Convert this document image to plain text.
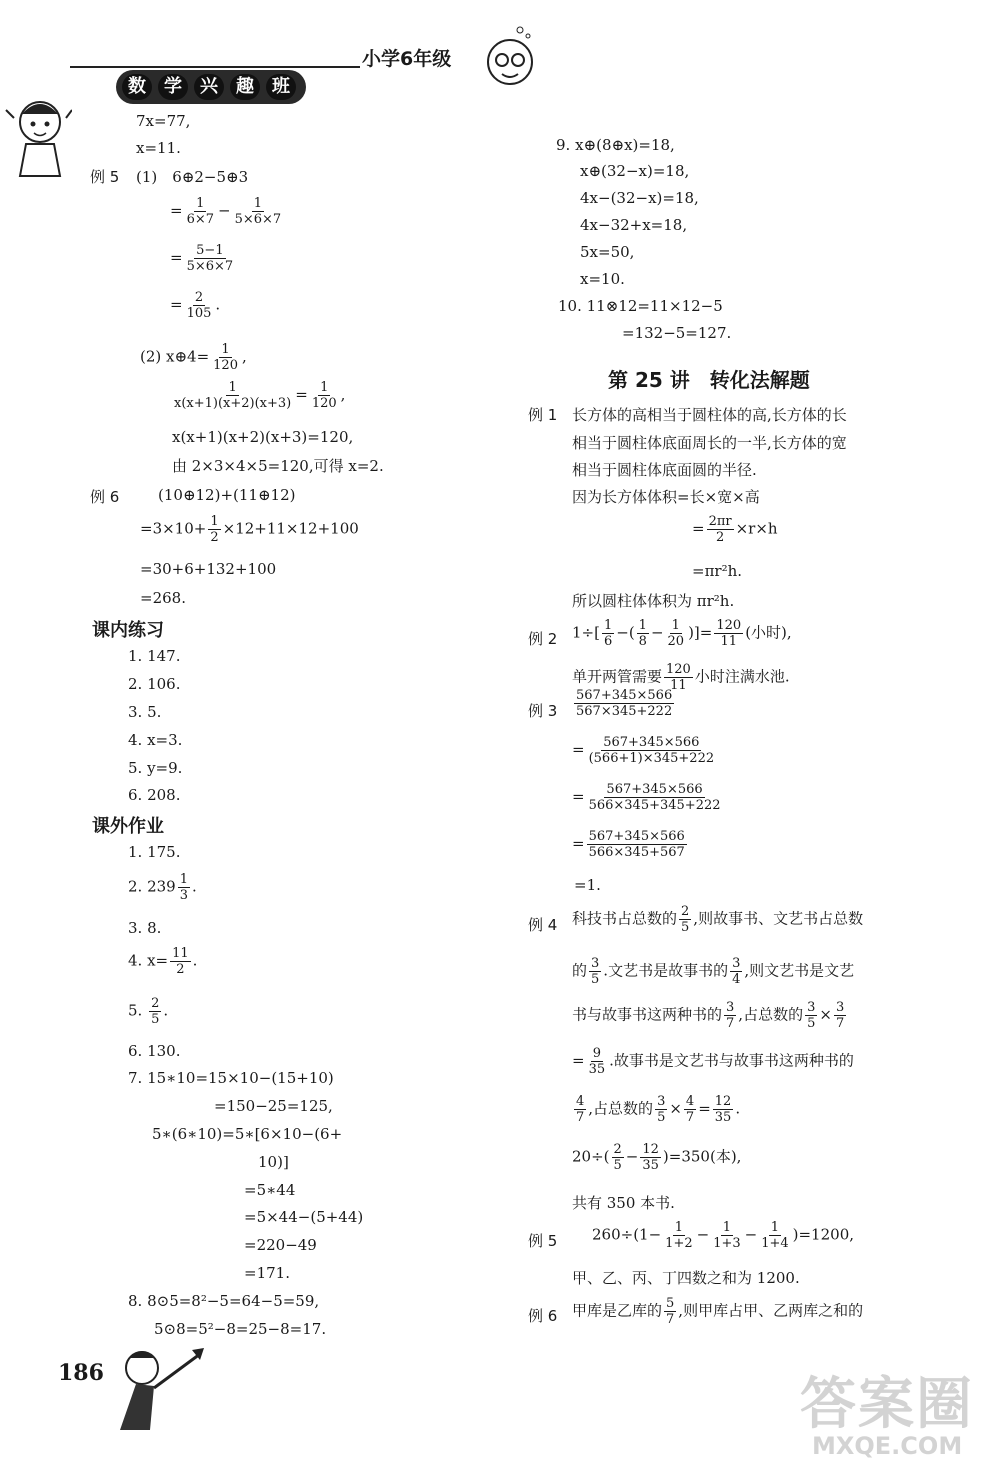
小学6年级
数	学	兴	趣	班
7x=77,
x=11.
例 5 (1)　6⊕2−5⊕3
= $\frac{1}{6\times 7} - \frac{1}{5\times 6\times 7}$
= $\frac{5-1}{5\times 6\times 7}$
= $\frac{2}{105}$ .
(2) x⊕4= $\frac{1}{120}$ ,
$\frac{1}{x(x+1)(x+2)(x+3)} = \frac{1}{120}$ ,
x(x+1)(x+2)(x+3)=120,
由 2×3×4×5=120,可得 x=2.
例 6	(10⊕12)+(11⊕12)
$=3\times 10+ \frac{1}{2} \times 12+11\times 12+100$
=30+6+132+100
=268.
课内练习
1. 147.
2. 106.
3. 5.
4. x=3.
5. y=9.
6. 208.
课外作业
1. 175.
2. $239 \frac{1}{3}$ .
3. 8.
4. $x= \frac{11}{2}$ .
5. $\frac{2}{5}$ .
6. 130.
7. 15∗10=15×10−(15+10)
=150−25=125,
5∗(6∗10)=5∗[6×10−(6+
10)]
=5∗44
=5×44−(5+44)
=220−49
=171.
8. 8⊙5=8²−5=64−5=59,
5⊙8=5²−8=25−8=17.
186
9. x⊕(8⊕x)=18,
x⊕(32−x)=18,
4x−(32−x)=18,
4x−32+x=18,
5x=50,
x=10.
10. 11⊗12=11×12−5
=132−5=127.
第 25 讲　转化法解题
例 1 长方体的高相当于圆柱体的高,长方体的长
相当于圆柱体底面周长的一半,长方体的宽
相当于圆柱体底面圆的半径.
因为长方体体积=长×宽×高
= $\frac{2\pi r}{2} \times r\times h$
=πr²h.
所以圆柱体体积为 πr²h.
例 2 $1\div[ \frac{1}{6}$ −( $\frac{1}{8} - \frac{1}{20}$ )]= $\frac{120}{11}$ (小时),
单开两管需要 $\frac{120}{11}$ 小时注满水池.
例 $3 \frac{567+345\times 566}{567\times 345+222}$
= $\frac{567+345\times 566}{(566+1)\times 345+222}$
= $\frac{567+345\times 566}{566\times 345+345+222}$
= $\frac{567+345\times 566}{566\times 345+567}$
=1.
例 4 科技书占总数的 $\frac{2}{5}$ ,则故事书、文艺书占总数
的 $\frac{3}{5}$ .文艺书是故事书的 $\frac{3}{4}$ ,则文艺书是文艺
书与故事书这两种书的 $\frac{3}{7}$ ,占总数的 $\frac{3}{5} \times \frac{3}{7}$
= $\frac{9}{35}$ .故事书是文艺书与故事书这两种书的
$\frac{4}{7}$ ,占总数的 $\frac{3}{5} \times \frac{4}{7} = \frac{12}{35}$ .
$20\div( \frac{2}{5} - \frac{12}{35} )=350$(本),
共有 350 本书.
例 5 $260\div(1- \frac{1}{1+2} - \frac{1}{1+3} - \frac{1}{1+4} )=1200$,
甲、乙、丙、丁四数之和为 1200.
例 6 甲库是乙库的 $\frac{5}{7}$ ,则甲库占甲、乙两库之和的
答案圈
MXQE.COM
